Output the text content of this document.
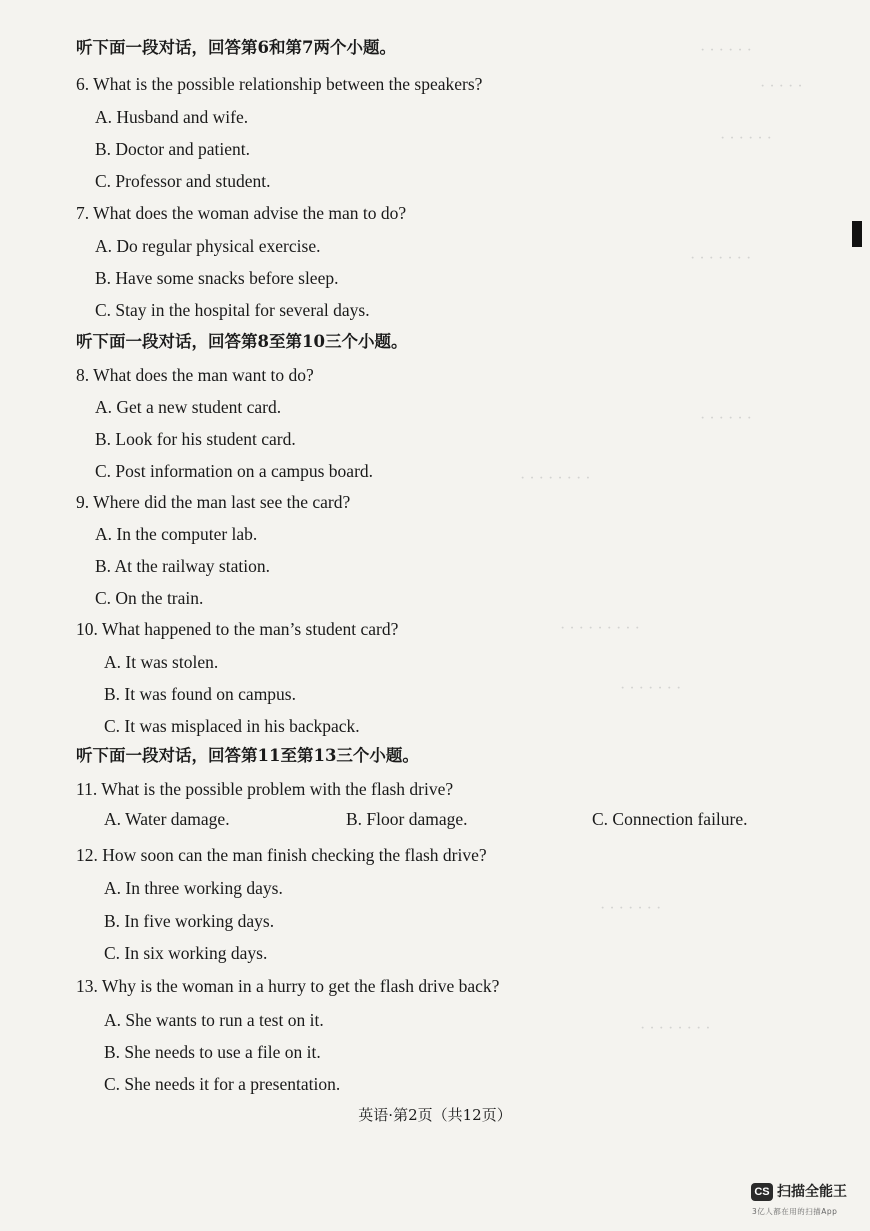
· · · · · ·
· · · · ·
· · · · · ·
· · · · · · ·
· · · · · ·
· · · · · · · ·
· · · · · · · · ·
· · · · · · ·
· · · · · · ·
· · · · · · · ·
听下面一段对话，回答第6和第7两个小题。
6. What is the possible relationship between the speakers?
A. Husband and wife.
B. Doctor and patient.
C. Professor and student.
7. What does the woman advise the man to do?
A. Do regular physical exercise.
B. Have some snacks before sleep.
C. Stay in the hospital for several days.
听下面一段对话，回答第8至第10三个小题。
8. What does the man want to do?
A. Get a new student card.
B. Look for his student card.
C. Post information on a campus board.
9. Where did the man last see the card?
A. In the computer lab.
B. At the railway station.
C. On the train.
10. What happened to the man’s student card?
A. It was stolen.
B. It was found on campus.
C. It was misplaced in his backpack.
听下面一段对话，回答第11至第13三个小题。
11. What is the possible problem with the flash drive?
A. Water damage.	B. Floor damage.	C. Connection failure.
12. How soon can the man finish checking the flash drive?
A. In three working days.
B. In five working days.
C. In six working days.
13. Why is the woman in a hurry to get the flash drive back?
A. She wants to run a test on it.
B. She needs to use a file on it.
C. She needs it for a presentation.
英语·第2页（共12页）
CS 扫描全能王
3亿人都在用的扫描App
